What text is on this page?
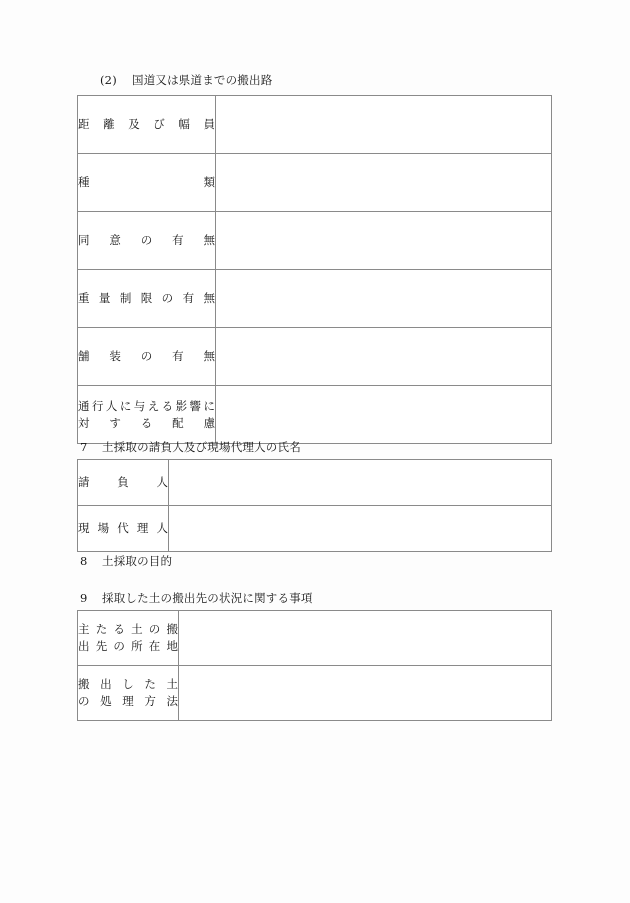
(2) 国道又は県道までの搬出路
距離及び幅員	

種類	

同意の有無	

重量制限の有無	

舗装の有無	

通行人に与える影響に
対する配慮	

7 土採取の請負人及び現場代理人の氏名
請負人	

現場代理人	

8 土採取の目的
9 採取した土の搬出先の状況に関する事項
主たる土の搬
出先の所在地	

搬出した土
の処理方法	
